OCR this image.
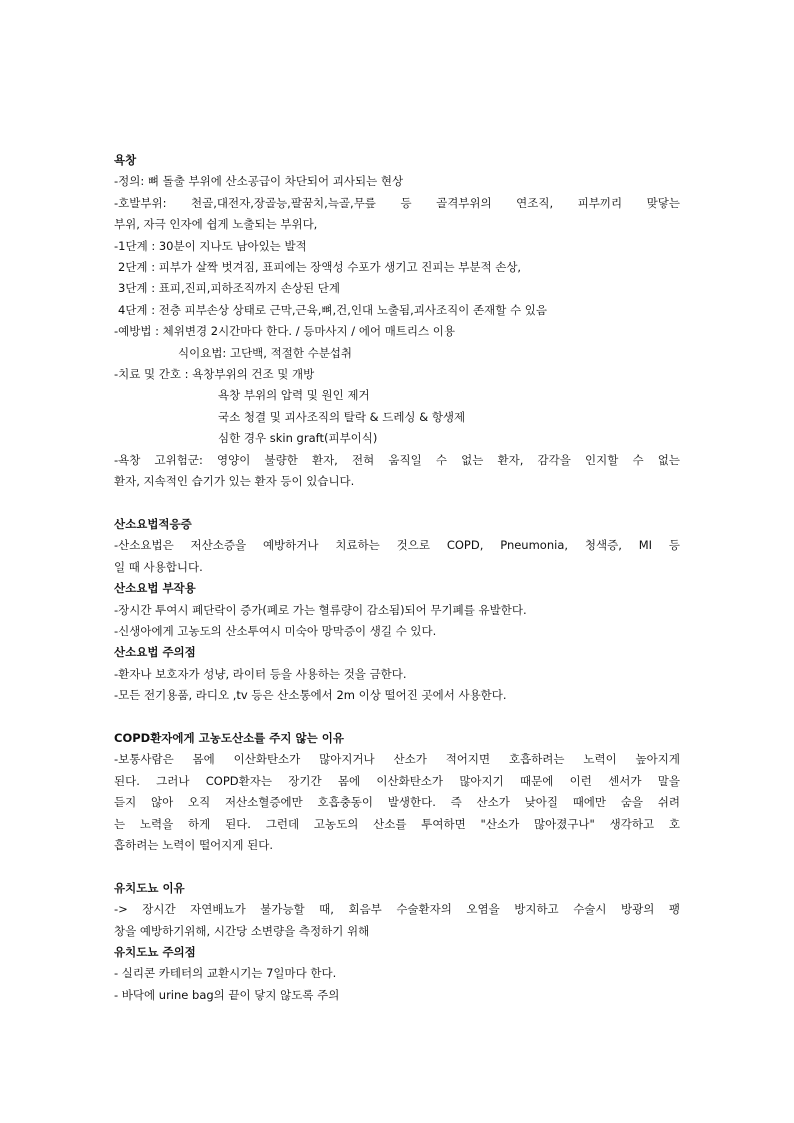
욕창
-정의: 뼈 돌출 부위에 산소공급이 차단되어 괴사되는 현상
-호발부위: 천골,대전자,장골능,팔꿈치,늑골,무릎 등 골격부위의 연조직, 피부끼리 맞닿는
부위, 자극 인자에 쉽게 노출되는 부위다,
-1단계 : 30분이 지나도 남아있는 발적
2단계 : 피부가 살짝 벗겨짐, 표피에는 장액성 수포가 생기고 진피는 부분적 손상,
3단계 : 표피,진피,피하조직까지 손상된 단계
4단계 : 전층 피부손상 상태로 근막,근육,뼈,건,인대 노출됨,괴사조직이 존재할 수 있음
-예방법 : 체위변경 2시간마다 한다. / 등마사지 / 에어 매트리스 이용
식이요법: 고단백, 적절한 수분섭취
-치료 및 간호 : 욕창부위의 건조 및 개방
욕창 부위의 압력 및 원인 제거
국소 청결 및 괴사조직의 탈락 & 드레싱 & 항생제
심한 경우 skin graft(피부이식)
-욕창 고위험군: 영양이 불량한 환자, 전혀 움직일 수 없는 환자, 감각을 인지할 수 없는
환자, 지속적인 습기가 있는 환자 등이 있습니다.
산소요법적응증
-산소요법은 저산소증을 예방하거나 치료하는 것으로 COPD, Pneumonia, 청색증, MI 등
일 때 사용합니다.
산소요법 부작용
-장시간 투여시 폐단락이 증가(폐로 가는 혈류량이 감소됨)되어 무기폐를 유발한다.
-신생아에게 고농도의 산소투여시 미숙아 망막증이 생길 수 있다.
산소요법 주의점
-환자나 보호자가 성냥, 라이터 등을 사용하는 것을 금한다.
-모든 전기용품, 라디오 ,tv 등은 산소통에서 2m 이상 떨어진 곳에서 사용한다.
COPD환자에게 고농도산소를 주지 않는 이유
-보통사람은 몸에 이산화탄소가 많아지거나 산소가 적어지면 호흡하려는 노력이 높아지게
된다. 그러나 COPD환자는 장기간 몸에 이산화탄소가 많아지기 때문에 이런 센서가 말을
듣지 않아 오직 저산소혈증에만 호흡충동이 발생한다. 즉 산소가 낮아질 때에만 숨을 쉬려
는 노력을 하게 된다. 그런데 고농도의 산소를 투여하면 "산소가 많아졌구나" 생각하고 호
흡하려는 노력이 떨어지게 된다.
유치도뇨 이유
-> 장시간 자연배뇨가 불가능할 때, 회음부 수술환자의 오염을 방지하고 수술시 방광의 팽
창을 예방하기위해, 시간당 소변량을 측정하기 위해
유치도뇨 주의점
- 실리콘 카테터의 교환시기는 7일마다 한다.
- 바닥에 urine bag의 끝이 닿지 않도록 주의
